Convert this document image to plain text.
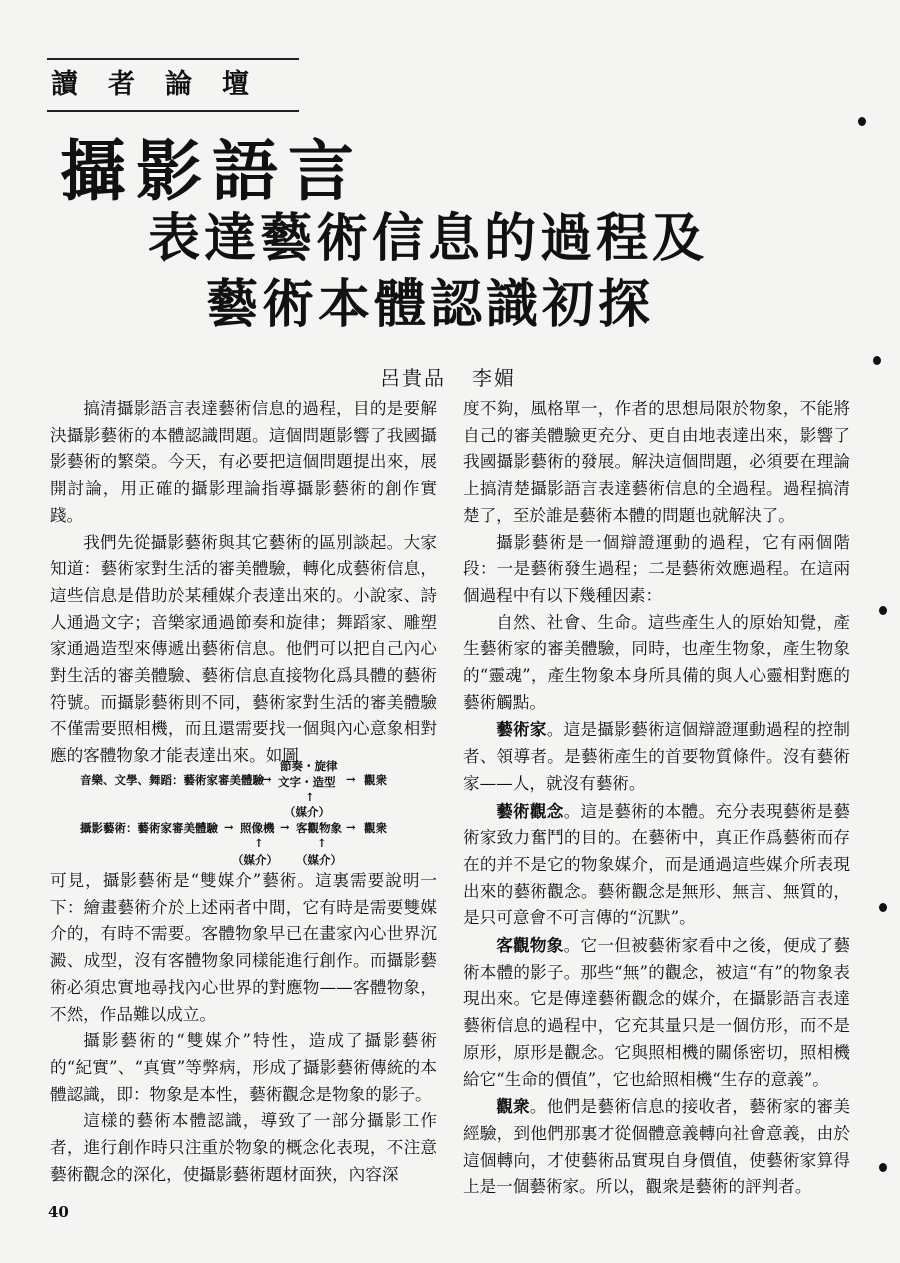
讀者論壇
攝影語言
表達藝術信息的過程及
藝術本體認識初探
呂貴品 李媚

搞清攝影語言表達藝術信息的過程，目的是要解決攝影藝術的本體認識問題。這個問題影響了我國攝影藝術的繁榮。今天，有必要把這個問題提出來，展開討論，用正確的攝影理論指導攝影藝術的創作實踐。

我們先從攝影藝術與其它藝術的區別談起。大家知道：藝術家對生活的審美體驗，轉化成藝術信息，這些信息是借助於某種媒介表達出來的。小說家、詩人通過文字；音樂家通過節奏和旋律；舞蹈家、雕塑家通過造型來傳遞出藝術信息。他們可以把自己內心對生活的審美體驗、藝術信息直接物化爲具體的藝術符號。而攝影藝術則不同，藝術家對生活的審美體驗不僅需要照相機，而且還需要找一個與內心意象相對應的客體物象才能表達出來。如圖

音樂、文學、舞蹈：藝術家審美體驗
→
節奏・旋律
文字・造型 → 觀衆
↑
（媒介）
攝影藝術：藝術家審美體驗 → 照像機 → 客觀物象 → 觀衆
↑	↑
（媒介） （媒介）

可見，攝影藝術是“雙媒介”藝術。這裏需要說明一下：繪畫藝術介於上述兩者中間，它有時是需要雙媒介的，有時不需要。客體物象早已在畫家內心世界沉澱、成型，沒有客體物象同樣能進行創作。而攝影藝術必須忠實地尋找內心世界的對應物——客體物象，不然，作品難以成立。

攝影藝術的“雙媒介”特性，造成了攝影藝術的“紀實”、“真實”等弊病，形成了攝影藝術傳統的本體認識，即：物象是本性，藝術觀念是物象的影子。

這樣的藝術本體認識，導致了一部分攝影工作者，進行創作時只注重於物象的概念化表現，不注意藝術觀念的深化，使攝影藝術題材面狹，內容深

度不夠，風格單一，作者的思想局限於物象，不能將自己的審美體驗更充分、更自由地表達出來，影響了我國攝影藝術的發展。解決這個問題，必須要在理論上搞清楚攝影語言表達藝術信息的全過程。過程搞清楚了，至於誰是藝術本體的問題也就解決了。

攝影藝術是一個辯證運動的過程，它有兩個階段：一是藝術發生過程；二是藝術效應過程。在這兩個過程中有以下幾種因素：

自然、社會、生命。這些產生人的原始知覺，產生藝術家的審美體驗，同時，也產生物象，產生物象的“靈魂”，產生物象本身所具備的與人心靈相對應的藝術觸點。

藝術家。這是攝影藝術這個辯證運動過程的控制者、領導者。是藝術產生的首要物質條件。沒有藝術家——人，就沒有藝術。

藝術觀念。這是藝術的本體。充分表現藝術是藝術家致力奮鬥的目的。在藝術中，真正作爲藝術而存在的并不是它的物象媒介，而是通過這些媒介所表現出來的藝術觀念。藝術觀念是無形、無言、無質的，是只可意會不可言傳的“沉默”。

客觀物象。它一但被藝術家看中之後，便成了藝術本體的影子。那些“無”的觀念，被這“有”的物象表現出來。它是傳達藝術觀念的媒介，在攝影語言表達藝術信息的過程中，它充其量只是一個仿形，而不是原形，原形是觀念。它與照相機的關係密切，照相機給它“生命的價值”，它也給照相機“生存的意義”。

觀衆。他們是藝術信息的接收者，藝術家的審美經驗，到他們那裏才從個體意義轉向社會意義，由於這個轉向，才使藝術品實現自身價值，使藝術家算得上是一個藝術家。所以，觀衆是藝術的評判者。

40
